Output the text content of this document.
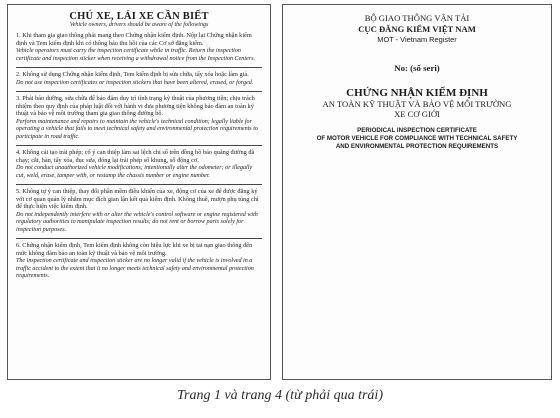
CHÚ XE, LÁI XE CẦN BIẾT
Vehicle owners, drivers should be aware of the followings

1. Khi tham gia giao thông phải mang theo Chứng nhận kiểm định. Nộp lại Chứng nhận kiểm định và Tem kiểm định khi có thông báo thu hồi của các Cơ sở đăng kiểm.

Vehicle operators must carry the inspection certificate while in traffic. Return the inspection certificate and inspection sticker when receiving a withdrawal notice from the Inspection Centers.

2. Không sử dụng Chứng nhận kiểm định, Tem kiểm định bị sửa chữa, tẩy xóa hoặc làm giả.

Do not use inspection certificates or inspection stickers that have been altered, erased, or forged.

3. Phải bảo dưỡng, sửa chữa để bảo đảm duy trì tình trạng kỹ thuật của phương tiện; chịu trách nhiệm theo quy định của pháp luật đối với hành vi đưa phương tiện không bảo đảm an toàn kỹ thuật và bảo vệ môi trường tham gia giao thông đường bộ.

Perform maintenance and repairs to maintain the vehicle's technical condition; legally liable for operating a vehicle that fails to meet technical safety and environmental protection requirements to participate in road traffic.

4. Không cải tạo trái phép; cố ý can thiệp làm sai lệch chỉ số trên đồng hồ báo quãng đường đã chạy; cắt, hàn, tẩy xóa, đục sửa, đóng lại trái phép số khung, số động cơ.

Do not conduct unauthorized vehicle modifications; intentionally alter the odometer; or illegally cut, weld, erase, tamper with, or restamp the chassis number or engine number.

5. Không tự ý can thiệp, thay đổi phần mềm điều khiển của xe, động cơ của xe để được đăng ký với cơ quan quản lý nhằm mục đích gian lận kết quả kiểm định. Không thuê, mượn phụ tùng chỉ để thực hiện việc kiểm định.

Do not independently interfere with or alter the vehicle's control software or engine registered with regulatory authorities to manipulate inspection results; do not rent or borrow parts solely for inspection purposes.

6. Chứng nhận kiểm định, Tem kiểm định không còn hiệu lực khi xe bị tai nạn giao thông đến mức không đảm bảo an toàn kỹ thuật và bảo vệ môi trường.

The inspection certificate and inspection sticker are no longer valid if the vehicle is involved in a traffic accident to the extent that it no longer meets technical safety and environmental protection requirements.

BỘ GIAO THÔNG VẬN TẢI
CỤC ĐĂNG KIỂM VIỆT NAM
MOT - Vietnam Register
No: (số seri)
CHỨNG NHẬN KIỂM ĐỊNH
AN TOÀN KỸ THUẬT VÀ BẢO VỆ MÔI TRƯỜNG
XE CƠ GIỚI
PERIODICAL INSPECTION CERTIFICATE
OF MOTOR VEHICLE FOR COMPLIANCE WITH TECHNICAL SAFETY
AND ENVIRONMENTAL PROTECTION REQUIREMENTS
Trang 1 và trang 4 (từ phải qua trái)
